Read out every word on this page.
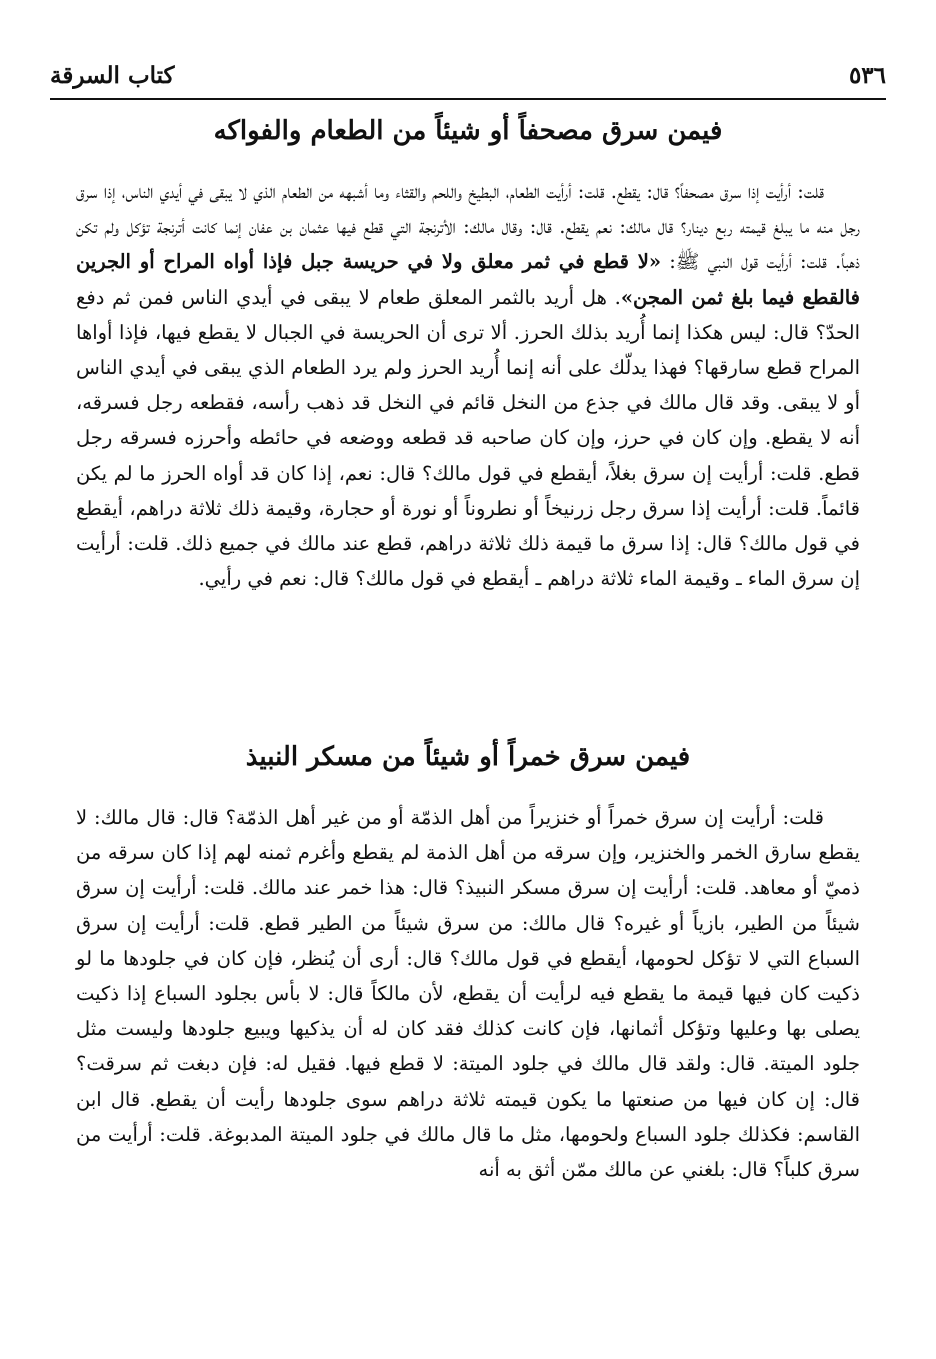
كتاب السرقة	٥٣٦
فيمن سرق مصحفاً أو شيئاً من الطعام والفواكه

قلت: أرأيت إذا سرق مصحفاً؟ قال: يقطع. قلت: أرأيت الطعام، البطيخ واللحم والقثاء وما أشبهه من الطعام الذي لا يبقى في أيدي الناس، إذا سرق رجل منه ما يبلغ قيمته ربع دينار؟ قال مالك: نعم يقطع. قال: وقال مالك: الأترنجة التي قطع فيها عثمان بن عفان إنما كانت أترنجة تؤكل ولم تكن ذهباً. قلت: أرأيت قول النبي ﷺ: «لا قطع في ثمر معلق ولا في حريسة جبل فإذا أواه المراح أو الجرين فالقطع فيما بلغ ثمن المجن». هل أريد بالثمر المعلق طعام لا يبقى في أيدي الناس فمن ثم دفع الحدّ؟ قال: ليس هكذا إنما أُريد بذلك الحرز. ألا ترى أن الحريسة في الجبال لا يقطع فيها، فإذا أواها المراح قطع سارقها؟ فهذا يدلّك على أنه إنما أُريد الحرز ولم يرد الطعام الذي يبقى في أيدي الناس أو لا يبقى. وقد قال مالك في جذع من النخل قائم في النخل قد ذهب رأسه، فقطعه رجل فسرقه، أنه لا يقطع. وإن كان في حرز، وإن كان صاحبه قد قطعه ووضعه في حائطه وأحرزه فسرقه رجل قطع. قلت: أرأيت إن سرق بغلاً، أيقطع في قول مالك؟ قال: نعم، إذا كان قد أواه الحرز ما لم يكن قائماً. قلت: أرأيت إذا سرق رجل زرنيخاً أو نطروناً أو نورة أو حجارة، وقيمة ذلك ثلاثة دراهم، أيقطع في قول مالك؟ قال: إذا سرق ما قيمة ذلك ثلاثة دراهم، قطع عند مالك في جميع ذلك. قلت: أرأيت إن سرق الماء ـ وقيمة الماء ثلاثة دراهم ـ أيقطع في قول مالك؟ قال: نعم في رأيي.

فيمن سرق خمراً أو شيئاً من مسكر النبيذ

قلت: أرأيت إن سرق خمراً أو خنزيراً من أهل الذمّة أو من غير أهل الذمّة؟ قال: قال مالك: لا يقطع سارق الخمر والخنزير، وإن سرقه من أهل الذمة لم يقطع وأغرم ثمنه لهم إذا كان سرقه من ذميّ أو معاهد. قلت: أرأيت إن سرق مسكر النبيذ؟ قال: هذا خمر عند مالك. قلت: أرأيت إن سرق شيئاً من الطير، بازياً أو غيره؟ قال مالك: من سرق شيئاً من الطير قطع. قلت: أرأيت إن سرق السباع التي لا تؤكل لحومها، أيقطع في قول مالك؟ قال: أرى أن يُنظر، فإن كان في جلودها ما لو ذكيت كان فيها قيمة ما يقطع فيه لرأيت أن يقطع، لأن مالكاً قال: لا بأس بجلود السباع إذا ذكيت يصلى بها وعليها وتؤكل أثمانها، فإن كانت كذلك فقد كان له أن يذكيها ويبيع جلودها وليست مثل جلود الميتة. قال: ولقد قال مالك في جلود الميتة: لا قطع فيها. فقيل له: فإن دبغت ثم سرقت؟ قال: إن كان فيها من صنعتها ما يكون قيمته ثلاثة دراهم سوى جلودها رأيت أن يقطع. قال ابن القاسم: فكذلك جلود السباع ولحومها، مثل ما قال مالك في جلود الميتة المدبوغة. قلت: أرأيت من سرق كلباً؟ قال: بلغني عن مالك ممّن أثق به أنه
